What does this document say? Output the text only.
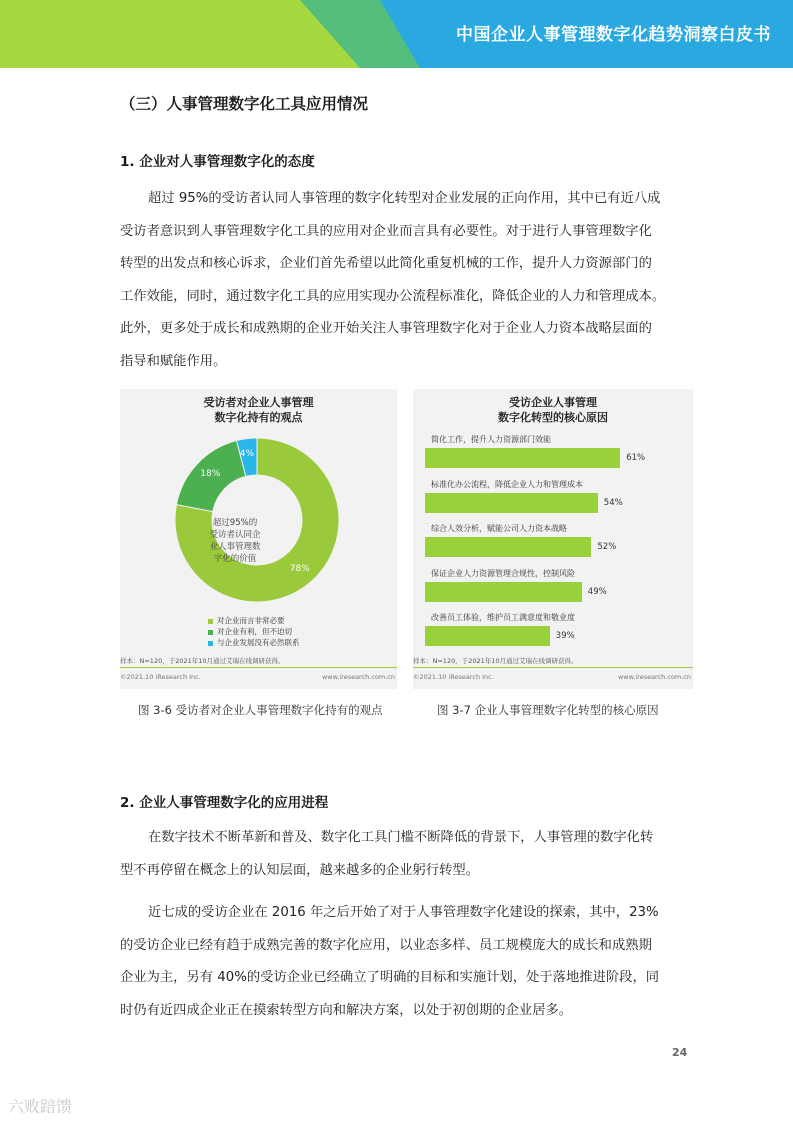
中国企业人事管理数字化趋势洞察白皮书
（三）人事管理数字化工具应用情况
1. 企业对人事管理数字化的态度
超过 95%的受访者认同人事管理的数字化转型对企业发展的正向作用，其中已有近八成
受访者意识到人事管理数字化工具的应用对企业而言具有必要性。对于进行人事管理数字化
转型的出发点和核心诉求，企业们首先希望以此简化重复机械的工作，提升人力资源部门的
工作效能，同时，通过数字化工具的应用实现办公流程标准化，降低企业的人力和管理成本。
此外，更多处于成长和成熟期的企业开始关注人事管理数字化对于企业人力资本战略层面的
指导和赋能作用。
受访者对企业人事管理
数字化持有的观点
78%
18%
4%
超过95%的
受访者认同企
业人事管理数
字化的价值
对企业而言非常必要
对企业有利，但不迫切
与企业发展没有必然联系
样本：N=120，于2021年10月通过艾瑞在线调研获得。
©2021.10 iResearch Inc.	www.iresearch.com.cn
受访企业人事管理
数字化转型的核心原因
简化工作，提升人力资源部门效能
61%
标准化办公流程，降低企业人力和管理成本
54%
综合人效分析，赋能公司人力资本战略
52%
保证企业人力资源管理合规性，控制风险
49%
改善员工体验，维护员工满意度和敬业度
39%
样本：N=120，于2021年10月通过艾瑞在线调研获得。
©2021.10 iResearch Inc.	www.iresearch.com.cn
图 3-6 受访者对企业人事管理数字化持有的观点	图 3-7 企业人事管理数字化转型的核心原因
2. 企业人事管理数字化的应用进程
在数字技术不断革新和普及、数字化工具门槛不断降低的背景下，人事管理的数字化转
型不再停留在概念上的认知层面，越来越多的企业躬行转型。
近七成的受访企业在 2016 年之后开始了对于人事管理数字化建设的探索，其中，23%
的受访企业已经有趋于成熟完善的数字化应用，以业态多样、员工规模庞大的成长和成熟期
企业为主，另有 40%的受访企业已经确立了明确的目标和实施计划，处于落地推进阶段，同
时仍有近四成企业正在摸索转型方向和解决方案，以处于初创期的企业居多。
24
六败踣馈
